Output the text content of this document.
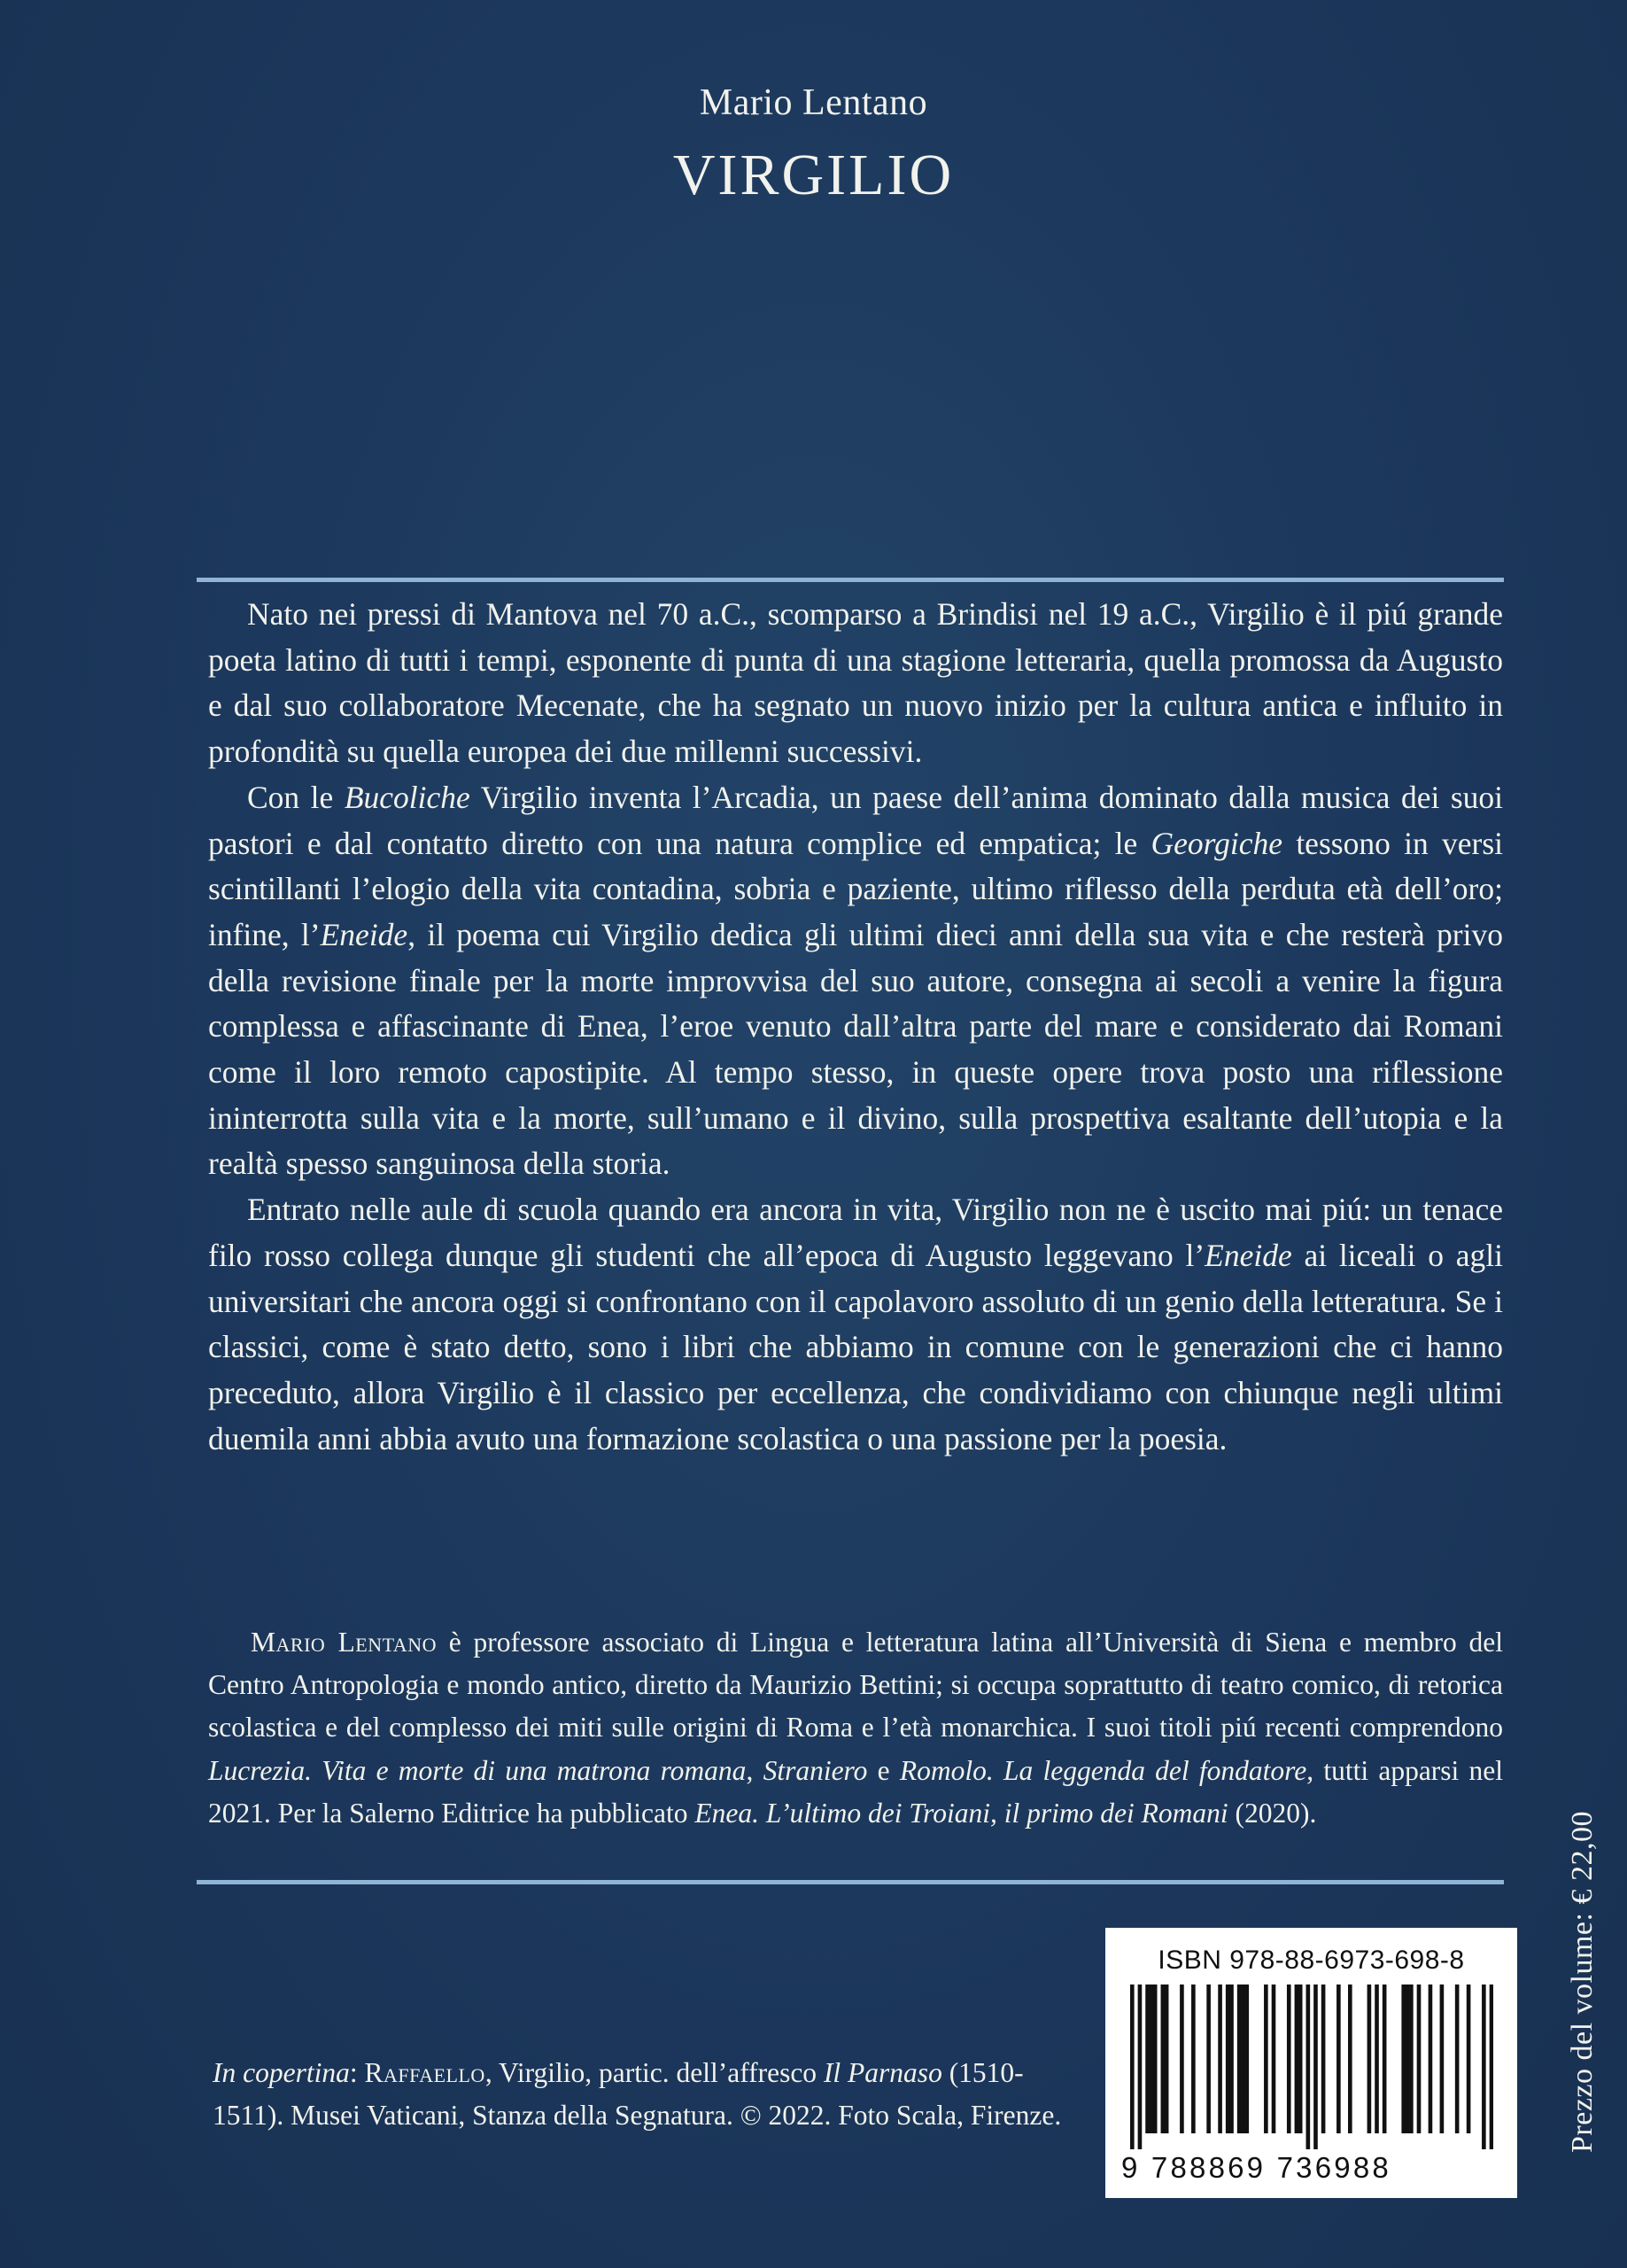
Mario Lentano
VIRGILIO

Nato nei pressi di Mantova nel 70 a.C., scomparso a Brindisi nel 19 a.C., Virgilio è il piú grande poeta latino di tutti i tempi, esponente di punta di una stagione letteraria, quella promossa da Augusto e dal suo collaboratore Mecenate, che ha segnato un nuovo inizio per la cultura antica e influito in profondità su quella europea dei due millenni successivi.

Con le Bucoliche Virgilio inventa l’Arcadia, un paese dell’anima dominato dalla musica dei suoi pastori e dal contatto diretto con una natura complice ed empatica; le Georgiche tessono in versi scintillanti l’elogio della vita contadina, sobria e paziente, ultimo riflesso della perduta età dell’oro; infine, l’Eneide, il poema cui Virgilio dedica gli ultimi dieci anni della sua vita e che resterà privo della revisione finale per la morte improvvisa del suo autore, consegna ai secoli a venire la figura complessa e affascinante di Enea, l’eroe venuto dall’altra parte del mare e considerato dai Romani come il loro remoto capostipite. Al tempo stesso, in queste opere trova posto una riflessione ininterrotta sulla vita e la morte, sull’umano e il divino, sulla prospettiva esaltante dell’utopia e la realtà spesso sanguinosa della storia.

Entrato nelle aule di scuola quando era ancora in vita, Virgilio non ne è uscito mai piú: un tenace filo rosso collega dunque gli studenti che all’epoca di Augusto leggevano l’Eneide ai liceali o agli universitari che ancora oggi si confrontano con il capolavoro assoluto di un genio della letteratura. Se i classici, come è stato detto, sono i libri che abbiamo in comune con le generazioni che ci hanno preceduto, allora Virgilio è il classico per eccellenza, che condividiamo con chiunque negli ultimi duemila anni abbia avuto una formazione scolastica o una passione per la poesia.

Mario Lentano è professore associato di Lingua e letteratura latina all’Università di Siena e membro del Centro Antropologia e mondo antico, diretto da Maurizio Bettini; si occupa soprattutto di teatro comico, di retorica scolastica e del complesso dei miti sulle origini di Roma e l’età monarchica. I suoi titoli piú recenti comprendono Lucrezia. Vita e morte di una matrona romana, Straniero e Romolo. La leggenda del fondatore, tutti apparsi nel 2021. Per la Salerno Editrice ha pubblicato Enea. L’ultimo dei Troiani, il primo dei Romani (2020).
In copertina: Raffaello, Virgilio, partic. dell’affresco Il Parnaso (1510-1511). Musei Vaticani, Stanza della Segnatura. © 2022. Foto Scala, Firenze.
ISBN 978-88-6973-698-8
9 788869 736988
Prezzo del volume: € 22,00
